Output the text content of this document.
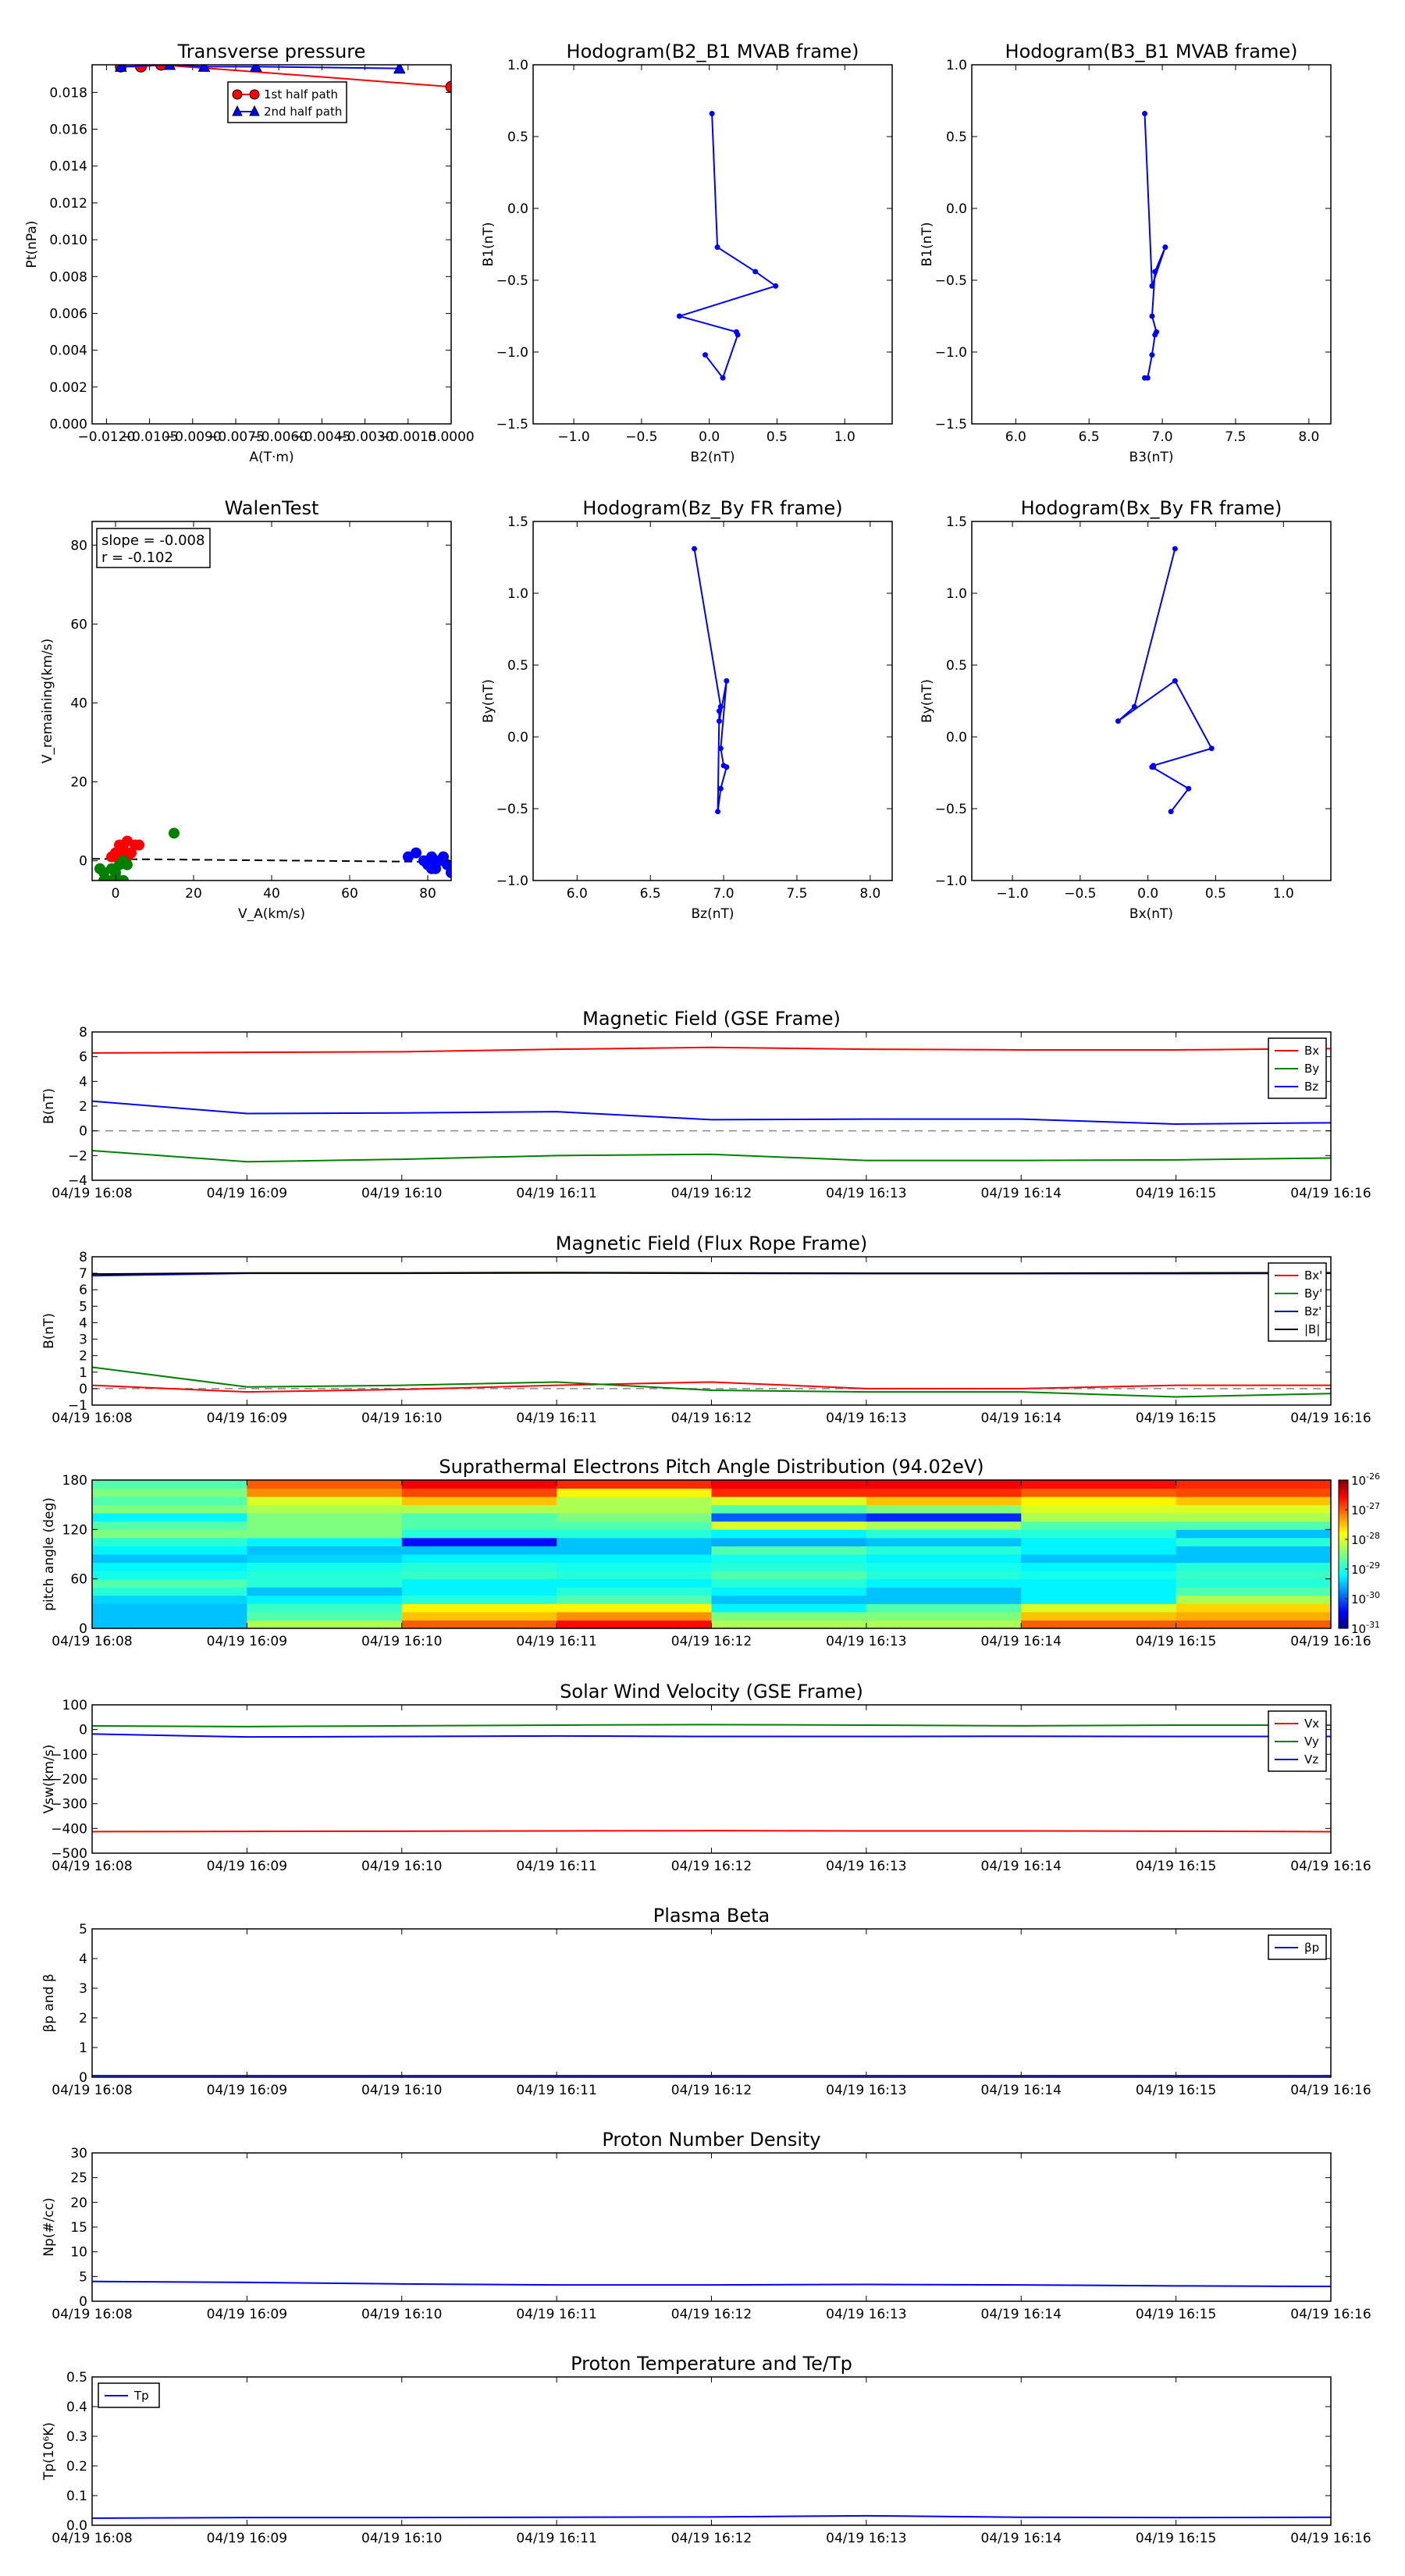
−0.0120
−0.0105
−0.0090
−0.0075
−0.0060
−0.0045
−0.0030
−0.0015
0.0000
0.000
0.002
0.004
0.006
0.008
0.010
0.012
0.014
0.016
0.018
Transverse pressure
A(T·m)
Pt(nPa)
1st half path
2nd half path
−1.0	−0.5	0.0	0.5	1.0
−1.5
−1.0
−0.5
0.0
0.5
1.0
Hodogram(B2_B1 MVAB frame)
B2(nT)
B1(nT)
6.0	6.5	7.0	7.5	8.0
−1.5
−1.0
−0.5
0.0
0.5
1.0
Hodogram(B3_B1 MVAB frame)
B3(nT)
B1(nT)
0	20	40	60	80
0
20
40
60
80
WalenTest
V_A(km/s)
V_remaining(km/s)
slope = -0.008
r = -0.102
6.0	6.5	7.0	7.5	8.0
−1.0
−0.5
0.0
0.5
1.0
1.5
Hodogram(Bz_By FR frame)
Bz(nT)
By(nT)
−1.0	−0.5	0.0	0.5	1.0
−1.0
−0.5
0.0
0.5
1.0
1.5
Hodogram(Bx_By FR frame)
Bx(nT)
By(nT)
04/19 16:08	04/19 16:09	04/19 16:10	04/19 16:11	04/19 16:12	04/19 16:13	04/19 16:14	04/19 16:15	04/19 16:16
−4
−2
0
2
4
6
8
Magnetic Field (GSE Frame)
B(nT)
Bx
By
Bz
04/19 16:08	04/19 16:09	04/19 16:10	04/19 16:11	04/19 16:12	04/19 16:13	04/19 16:14	04/19 16:15	04/19 16:16
−1
0
1
2
3
4
5
6
7
8
Magnetic Field (Flux Rope Frame)
B(nT)
Bx'
By'
Bz'
|B|
$10^{-26}$
$10^{-27}$
$10^{-28}$
$10^{-29}$
$10^{-30}$
$10^{-31}$
04/19 16:08	04/19 16:09	04/19 16:10	04/19 16:11	04/19 16:12	04/19 16:13	04/19 16:14	04/19 16:15	04/19 16:16
0
60
120
180
Suprathermal Electrons Pitch Angle Distribution (94.02eV)
pitch angle (deg)
04/19 16:08	04/19 16:09	04/19 16:10	04/19 16:11	04/19 16:12	04/19 16:13	04/19 16:14	04/19 16:15	04/19 16:16
−500
−400
−300
−200
−100
0
100
Solar Wind Velocity (GSE Frame)
Vsw(km/s)
Vx
Vy
Vz
04/19 16:08	04/19 16:09	04/19 16:10	04/19 16:11	04/19 16:12	04/19 16:13	04/19 16:14	04/19 16:15	04/19 16:16
0
1
2
3
4
5
Plasma Beta
βp and β
βp
04/19 16:08	04/19 16:09	04/19 16:10	04/19 16:11	04/19 16:12	04/19 16:13	04/19 16:14	04/19 16:15	04/19 16:16
0
5
10
15
20
25
30
Proton Number Density
Np(#/cc)
04/19 16:08	04/19 16:09	04/19 16:10	04/19 16:11	04/19 16:12	04/19 16:13	04/19 16:14	04/19 16:15	04/19 16:16
0.0
0.1
0.2
0.3
0.4
0.5
Proton Temperature and Te/Tp
Tp(10⁶K)
Tp
